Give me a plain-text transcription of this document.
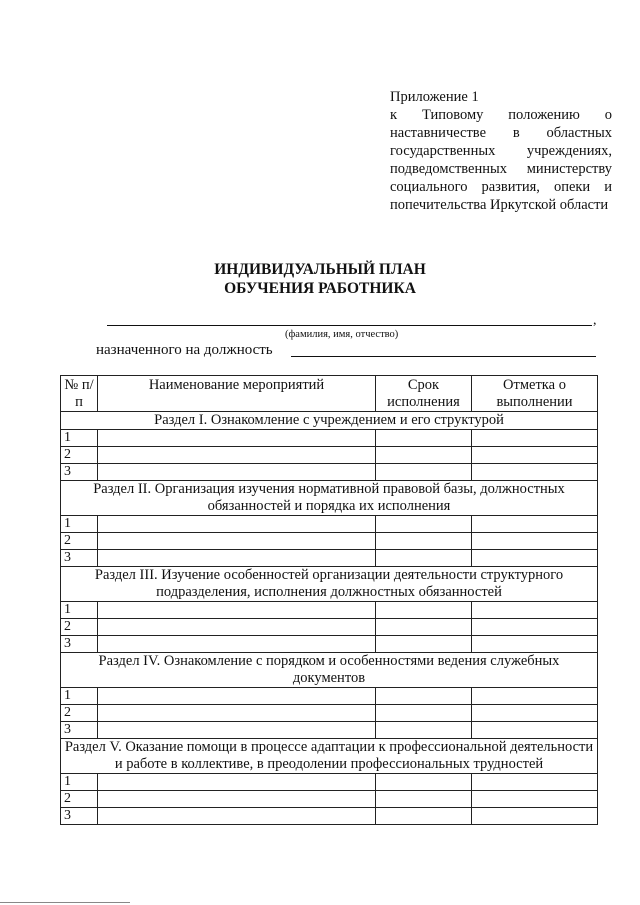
Приложение 1
к Типовому положению о наставничестве в областных государственных учреждениях, подведомственных министерству социального развития, опеки и попечительства Иркутской области
ИНДИВИДУАЛЬНЫЙ ПЛАН
ОБУЧЕНИЯ РАБОТНИКА
,
(фамилия, имя, отчество)
назначенного на должность
№ п/п	Наименование мероприятий	Срок исполнения	Отметка о выполнении
Раздел I. Ознакомление с учреждением и его структурой			
1			
2			
3			
Раздел II. Организация изучения нормативной правовой базы, должностных обязанностей и порядка их исполнения			
1			
2			
3			
Раздел III. Изучение особенностей организации деятельности структурного подразделения, исполнения должностных обязанностей			
1			
2			
3			
Раздел IV. Ознакомление с порядком и особенностями ведения служебных документов			
1			
2			
3			
Раздел V. Оказание помощи в процессе адаптации к профессиональной деятельности и работе в коллективе, в преодолении профессиональных трудностей			
1			
2			
3			
